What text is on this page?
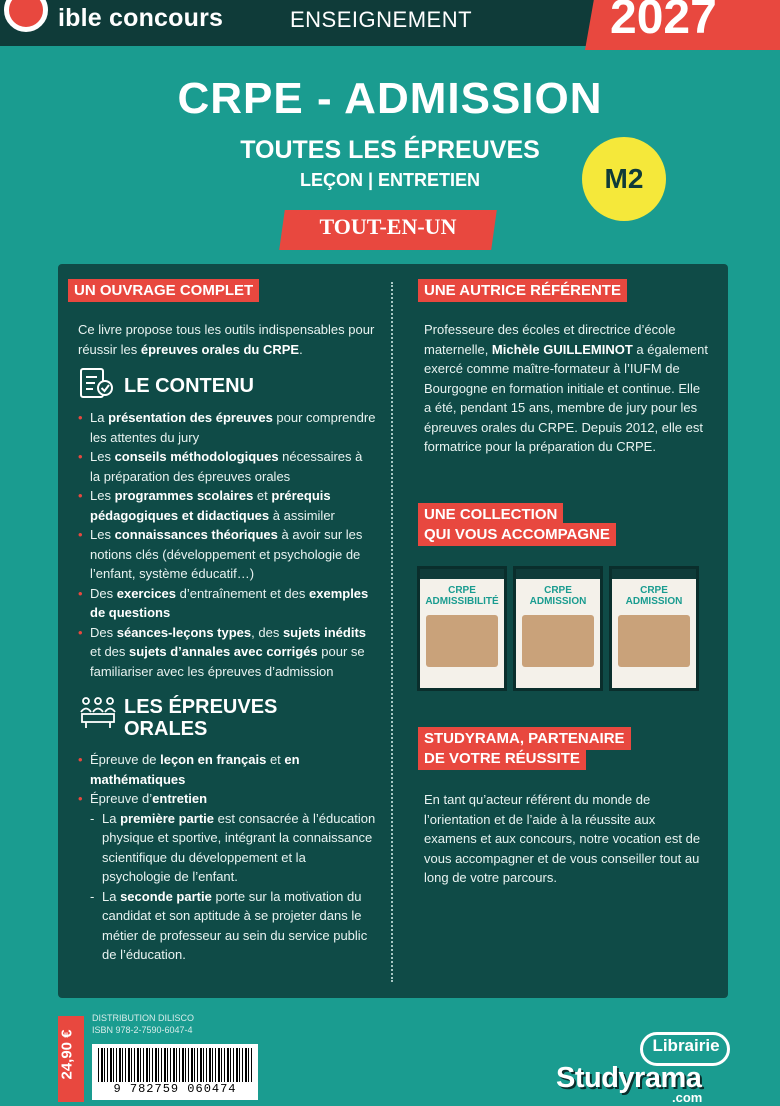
ible concours	ENSEIGNEMENT	2027
CRPE - ADMISSION
TOUTES LES ÉPREUVES
LEÇON | ENTRETIEN	M2
TOUT-EN-UN
UN OUVRAGE COMPLET
Ce livre propose tous les outils indispensables pour réussir les épreuves orales du CRPE.
LE CONTENU
• La présentation des épreuves pour comprendre les attentes du jury
• Les conseils méthodologiques nécessaires à la préparation des épreuves orales
• Les programmes scolaires et prérequis pédagogiques et didactiques à assimiler
• Les connaissances théoriques à avoir sur les notions clés (développement et psychologie de l’enfant, système éducatif…)
• Des exercices d’entraînement et des exemples de questions
• Des séances-leçons types, des sujets inédits et des sujets d’annales avec corrigés pour se familiariser avec les épreuves d’admission
LES ÉPREUVES ORALES
• Épreuve de leçon en français et en mathématiques
• Épreuve d’entretien
- La première partie est consacrée à l’éducation physique et sportive, intégrant la connaissance scientifique du développement et la psychologie de l’enfant.
- La seconde partie porte sur la motivation du candidat et son aptitude à se projeter dans le métier de professeur au sein du service public de l’éducation.
UNE AUTRICE RÉFÉRENTE
Professeure des écoles et directrice d’école maternelle, Michèle GUILLEMINOT a également exercé comme maître-formateur à l’IUFM de Bourgogne en formation initiale et continue. Elle a été, pendant 15 ans, membre de jury pour les épreuves orales du CRPE. Depuis 2012, elle est formatrice pour la préparation du CRPE.
UNE COLLECTION
QUI VOUS ACCOMPAGNE
CRPE ADMISSIBILITÉ
CRPE ADMISSION
CRPE ADMISSION
STUDYRAMA, PARTENAIRE
DE VOTRE RÉUSSITE
En tant qu’acteur référent du monde de l’orientation et de l’aide à la réussite aux examens et aux concours, notre vocation est de vous accompagner et de vous conseiller tout au long de votre parcours.
24,90 €
DISTRIBUTION DILISCO
ISBN 978-2-7590-6047-4
9 782759 060474
Librairie
Studyrama
.com
